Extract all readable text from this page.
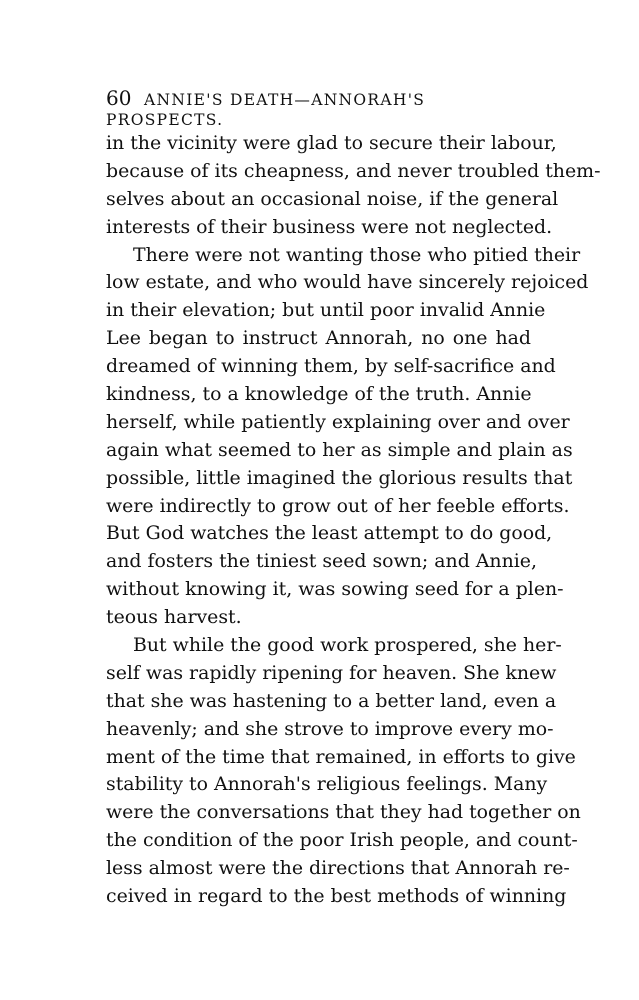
60 ANNIE'S DEATH—ANNORAH'S PROSPECTS.
in the vicinity were glad to secure their labour,
because of its cheapness, and never troubled them-
selves about an occasional noise, if the general
interests of their business were not neglected.
There were not wanting those who pitied their
low estate, and who would have sincerely rejoiced
in their elevation; but until poor invalid Annie
Lee began to instruct Annorah, no one had
dreamed of winning them, by self-sacrifice and
kindness, to a knowledge of the truth. Annie
herself, while patiently explaining over and over
again what seemed to her as simple and plain as
possible, little imagined the glorious results that
were indirectly to grow out of her feeble efforts.
But God watches the least attempt to do good,
and fosters the tiniest seed sown; and Annie,
without knowing it, was sowing seed for a plen-
teous harvest.
But while the good work prospered, she her-
self was rapidly ripening for heaven. She knew
that she was hastening to a better land, even a
heavenly; and she strove to improve every mo-
ment of the time that remained, in efforts to give
stability to Annorah's religious feelings. Many
were the conversations that they had together on
the condition of the poor Irish people, and count-
less almost were the directions that Annorah re-
ceived in regard to the best methods of winning
